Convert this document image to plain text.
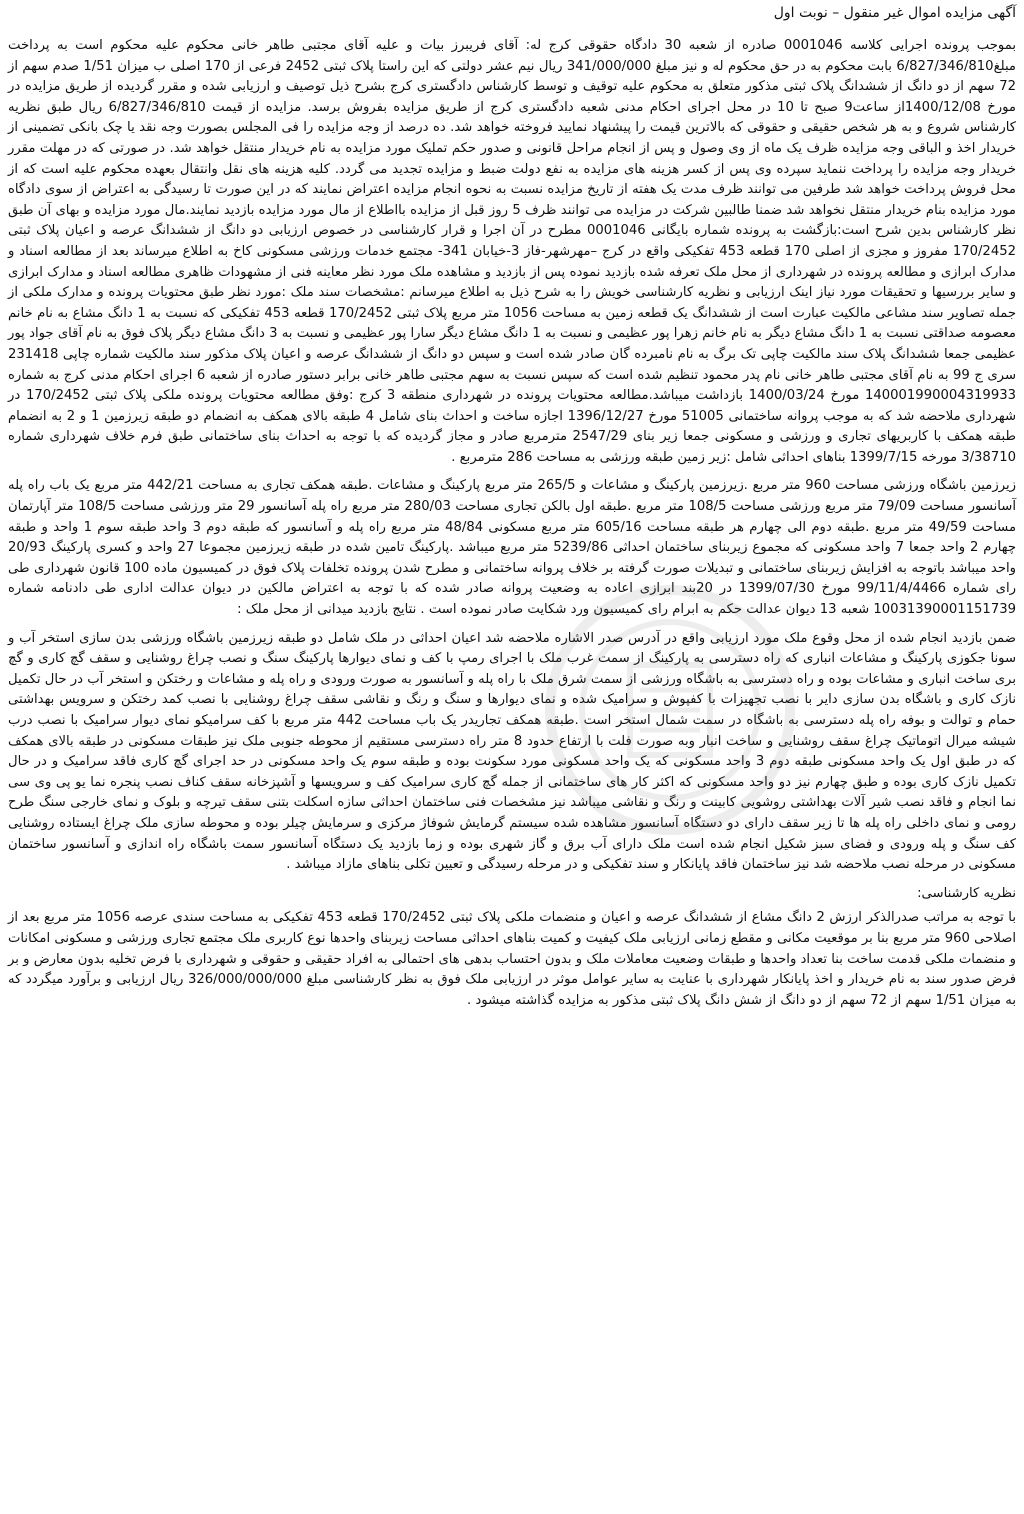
آگهی مزایده اموال غیر منقول – نوبت اول

بموجب پرونده اجرایی کلاسه 0001046 صادره از شعبه 30 دادگاه حقوقی کرج له: آقای فریبرز بیات و علیه آقای مجتبی طاهر خانی محکوم علیه محکوم است به پرداخت مبلغ6/827/346/810 بابت محکوم به در حق محکوم له و نیز مبلغ 341/000/000 ریال نیم عشر دولتی که این راستا پلاک ثبتی 2452 فرعی از 170 اصلی ب میزان 1/51 صدم سهم از 72 سهم از دو دانگ از ششدانگ پلاک ثبتی مذکور متعلق به محکوم علیه توقیف و توسط کارشناس دادگستری کرج بشرح ذیل توصیف و ارزیابی شده و مقرر گردیده از طریق مزایده در مورخ 1400/12/08از ساعت9 صبح تا 10 در محل اجرای احکام مدنی شعبه دادگستری کرج از طریق مزایده بفروش برسد. مزایده از قیمت 6/827/346/810 ریال طبق نظریه کارشناس شروع و به هر شخص حقیقی و حقوقی که بالاترین قیمت را پیشنهاد نمایید فروخته خواهد شد. ده درصد از وجه مزایده را فی المجلس بصورت وجه نقد یا چک بانکی تضمینی از خریدار اخذ و الباقی وجه مزایده ظرف یک ماه از وی وصول و پس از انجام مراحل قانونی و صدور حکم تملیک مورد مزایده به نام خریدار منتقل خواهد شد. در صورتی که در مهلت مقرر خریدار وجه مزایده را پرداخت ننماید سپرده وی پس از کسر هزینه های مزایده به نفع دولت ضبط و مزایده تجدید می گردد. کلیه هزینه های نقل وانتقال بعهده محکوم علیه است که از محل فروش پرداخت خواهد شد طرفین می توانند ظرف مدت یک هفته از تاریخ مزایده نسبت به نحوه انجام مزایده اعتراض نمایند که در این صورت تا رسیدگی به اعتراض از سوی دادگاه مورد مزایده بنام خریدار منتقل نخواهد شد ضمنا طالبین شرکت در مزایده می توانند ظرف 5 روز قبل از مزایده بااطلاع از مال مورد مزایده بازدید نمایند.مال مورد مزایده و بهای آن طبق نظر کارشناس بدین شرح است:بازگشت به پرونده شماره بایگانی 0001046 مطرح در آن اجرا و قرار کارشناسی در خصوص ارزیابی دو دانگ از ششدانگ عرصه و اعیان پلاک ثبتی 170/2452 مفروز و مجزی از اصلی 170 قطعه 453 تفکیکی واقع در کرج –مهرشهر-فاز 3-خیابان 341- مجتمع خدمات ورزشی مسکونی کاخ به اطلاع میرساند بعد از مطالعه اسناد و مدارک ابرازی و مطالعه پرونده در شهرداری از محل ملک تعرفه شده بازدید نموده پس از بازدید و مشاهده ملک مورد نظر معاینه فنی از مشهودات ظاهری مطالعه اسناد و مدارک ابرازی و سایر بررسیها و تحقیقات مورد نیاز اینک ارزیابی و نظریه کارشناسی خویش را به شرح ذیل به اطلاع میرسانم :مشخصات سند ملک :مورد نظر طبق محتویات پرونده و مدارک ملکی از جمله تصاویر سند مشاعی مالکیت عبارت است از ششدانگ یک قطعه زمین به مساحت 1056 متر مربع پلاک ثبتی 170/2452 قطعه 453 تفکیکی که نسبت به 1 دانگ مشاع به نام خانم معصومه صداقتی نسبت به 1 دانگ مشاع دیگر به نام خانم زهرا پور عظیمی و نسبت به 1 دانگ مشاع دیگر سارا پور عظیمی و نسبت به 3 دانگ مشاع دیگر پلاک فوق به نام آقای جواد پور عظیمی جمعا ششدانگ پلاک سند مالکیت چاپی تک برگ به نام نامبرده گان صادر شده است و سپس دو دانگ از ششدانگ عرصه و اعیان پلاک مذکور سند مالکیت شماره چاپی 231418 سری ج 99 به نام آقای مجتبی طاهر خانی نام پدر محمود تنظیم شده است که سپس نسبت به سهم مجتبی طاهر خانی برابر دستور صادره از شعبه 6 اجرای احکام مدنی کرج به شماره 140001990004319933 مورخ 1400/03/24 بازداشت میباشد.مطالعه محتویات پرونده در شهرداری منطقه 3 کرج :وفق مطالعه محتویات پرونده ملکی پلاک ثبتی 170/2452 در شهرداری ملاحضه شد که به موجب پروانه ساختمانی 51005 مورخ 1396/12/27 اجازه ساخت و احداث بنای شامل 4 طبقه بالای همکف به انضمام دو طبقه زیرزمین 1 و 2 به انضمام طبقه همکف با کاربریهای تجاری و ورزشی و مسکونی جمعا زیر بنای 2547/29 مترمربع صادر و مجاز گردیده که با توجه به احداث بنای ساختمانی طبق فرم خلاف شهرداری شماره 3/38710 مورخه 1399/7/15 بناهای احداثی شامل :زیر زمین طبقه ورزشی به مساحت 286 مترمربع .

زیرزمین باشگاه ورزشی مساحت 960 متر مربع .زیرزمین پارکینگ و مشاعات و 265/5 متر مربع پارکینگ و مشاعات .طبقه همکف تجاری به مساحت 442/21 متر مربع یک باب راه پله آسانسور مساحت 79/09 متر مربع ورزشی مساحت 108/5 متر مربع .طبقه اول بالکن تجاری مساحت 280/03 متر مربع راه پله آسانسور 29 متر ورزشی مساحت 108/5 متر آپارتمان مساحت 49/59 متر مربع .طبقه دوم الی چهارم هر طبقه مساحت 605/16 متر مربع مسکونی 48/84 متر مربع راه پله و آسانسور که طبقه دوم 3 واحد طبقه سوم 1 واحد و طبقه چهارم 2 واحد جمعا 7 واحد مسکونی که مجموع زیربنای ساختمان احداثی 5239/86 متر مربع میباشد .پارکینگ تامین شده در طبقه زیرزمین مجموعا 27 واحد و کسری پارکینگ 20/93 واحد میباشد باتوجه به افزایش زیربنای ساختمانی و تبدیلات صورت گرفته بر خلاف پروانه ساختمانی و مطرح شدن پرونده تخلفات پلاک فوق در کمیسیون ماده 100 قانون شهرداری طی رای شماره 99/11/4/4466 مورخ 1399/07/30 در 20بند ابرازی اعاده به وضعیت پروانه صادر شده که با توجه به اعتراض مالکین در دیوان عدالت اداری طی دادنامه شماره 10031390001151739 شعبه 13 دیوان عدالت حکم به ابرام رای کمیسیون ورد شکایت صادر نموده است . نتایج بازدید میدانی از محل ملک :

ضمن بازدید انجام شده از محل وقوع ملک مورد ارزیابی واقع در آدرس صدر الاشاره ملاحضه شد اعیان احداثی در ملک شامل دو طبقه زیرزمین باشگاه ورزشی بدن سازی استخر آب و سونا جکوزی پارکینگ و مشاعات انباری که راه دسترسی به پارکینگ از سمت غرب ملک با اجرای رمپ با کف و نمای دیوارها پارکینگ سنگ و نصب چراغ روشنایی و سقف گچ کاری و گچ بری ساخت انباری و مشاعات بوده و راه دسترسی به باشگاه ورزشی از سمت شرق ملک با راه پله و آسانسور به صورت ورودی و راه پله و مشاعات و رختکن و استخر آب در حال تکمیل نازک کاری و باشگاه بدن سازی دایر با نصب تجهیزات با کفپوش و سرامیک شده و نمای دیوارها و سنگ و رنگ و نقاشی سقف چراغ روشنایی با نصب کمد رختکن و سرویس بهداشتی حمام و توالت و بوفه راه پله دسترسی به باشگاه در سمت شمال استخر است .طبقه همکف تجاریدر یک باب مساحت 442 متر مربع با کف سرامیکو نمای دیوار سرامیک با نصب درب شیشه میرال اتوماتیک چراغ سقف روشنایی و ساخت انبار وبه صورت فلت با ارتفاع حدود 8 متر راه دسترسی مستقیم از محوطه جنوبی ملک نیز طبقات مسکونی در طبقه بالای همکف که در طبق اول یک واحد مسکونی طبقه دوم 3 واحد مسکونی که یک واحد مسکونی مورد سکونت بوده و طبقه سوم یک واحد مسکونی در حد اجرای گچ کاری فاقد سرامیک و در حال تکمیل نازک کاری بوده و طبق چهارم نیز دو واحد مسکونی که اکثر کار های ساختمانی از جمله گچ کاری سرامیک کف و سرویسها و آشپزخانه سقف کناف نصب پنجره نما یو پی وی سی نما انجام و فاقد نصب شیر آلات بهداشتی روشویی کابینت و رنگ و نقاشی میباشد نیز مشخصات فنی ساختمان احداثی سازه اسکلت بتنی سقف تیرچه و بلوک و نمای خارجی سنگ طرح رومی و نمای داخلی راه پله ها تا زیر سقف دارای دو دستگاه آسانسور مشاهده شده سیستم گرمایش شوفاژ مرکزی و سرمایش چیلر بوده و محوطه سازی ملک چراغ ایستاده روشنایی کف سنگ و پله ورودی و فضای سبز شکیل انجام شده است ملک دارای آب برق و گاز شهری بوده و زما بازدید یک دستگاه آسانسور سمت باشگاه راه اندازی و آسانسور ساختمان مسکونی در مرحله نصب ملاحضه شد نیز ساختمان فاقد پایانکار و سند تفکیکی و در مرحله رسیدگی و تعیین تکلی بناهای مازاد میباشد .

نظریه کارشناسی:

با توجه به مراتب صدرالذکر ارزش 2 دانگ مشاع از ششدانگ عرصه و اعیان و منضمات ملکی پلاک ثبتی 170/2452 قطعه 453 تفکیکی به مساحت سندی عرصه 1056 متر مربع بعد از اصلاحی 960 متر مربع بنا بر موقعیت مکانی و مقطع زمانی ارزیابی ملک کیفیت و کمیت بناهای احداثی مساحت زیربنای واحدها نوع کاربری ملک مجتمع تجاری ورزشی و مسکونی امکانات و منضمات ملکی قدمت ساخت بنا تعداد واحدها و طبقات وضعیت معاملات ملک و بدون احتساب بدهی های احتمالی به افراد حقیقی و حقوقی و شهرداری با فرض تخلیه بدون معارض و بر فرض صدور سند به نام خریدار و اخذ پایانکار شهرداری با عنایت به سایر عوامل موثر در ارزیابی ملک فوق به نظر کارشناسی مبلغ 326/000/000/000 ریال ارزیابی و برآورد میگردد که به میزان 1/51 سهم از 72 سهم از دو دانگ از شش دانگ پلاک ثبتی مذکور به مزایده گذاشته میشود .
